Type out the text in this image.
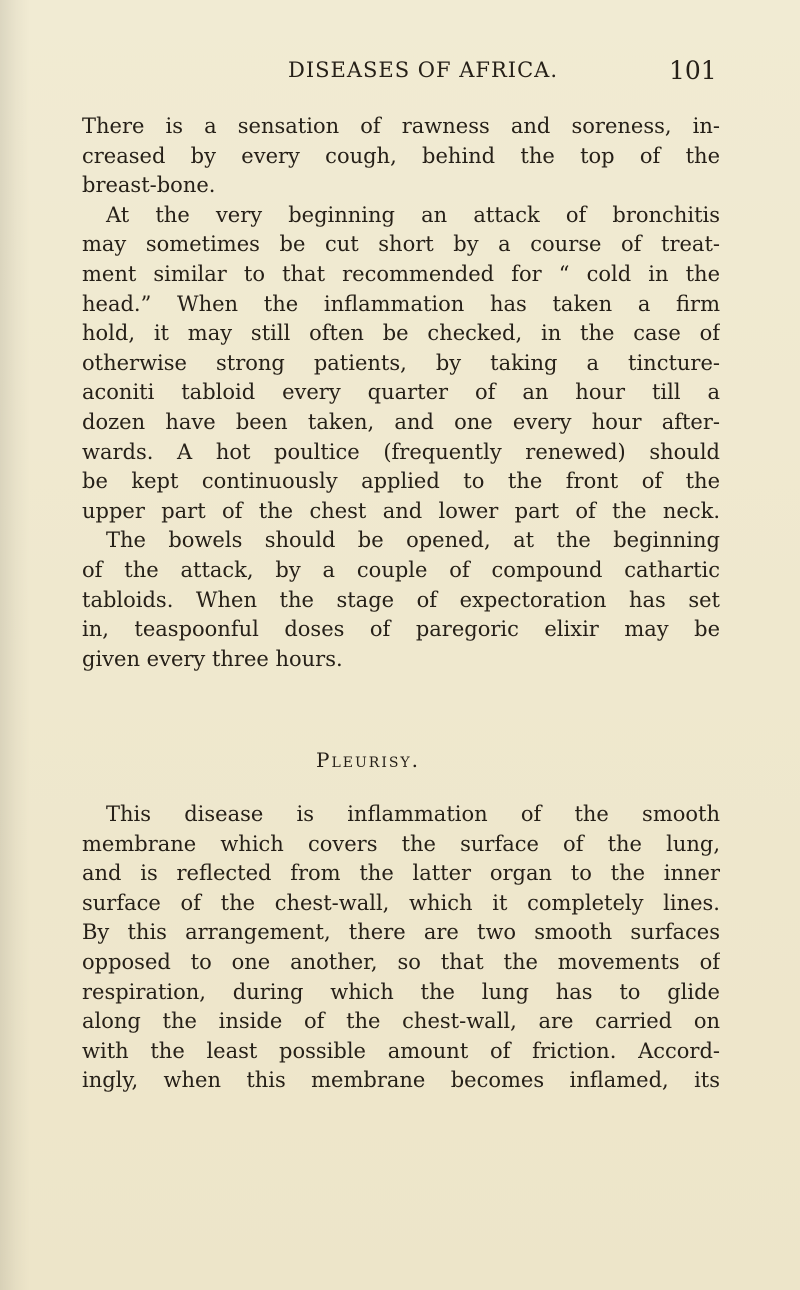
DISEASES OF AFRICA.	101
There is a sensation of rawness and soreness, in-
creased by every cough, behind the top of the
breast-bone.
At the very beginning an attack of bronchitis
may sometimes be cut short by a course of treat-
ment similar to that recommended for “ cold in the
head.” When the inflammation has taken a firm
hold, it may still often be checked, in the case of
otherwise strong patients, by taking a tincture-
aconiti tabloid every quarter of an hour till a
dozen have been taken, and one every hour after-
wards. A hot poultice (frequently renewed) should
be kept continuously applied to the front of the
upper part of the chest and lower part of the neck.
The bowels should be opened, at the beginning
of the attack, by a couple of compound cathartic
tabloids. When the stage of expectoration has set
in, teaspoonful doses of paregoric elixir may be
given every three hours.
Pleurisy.
This disease is inflammation of the smooth
membrane which covers the surface of the lung,
and is reflected from the latter organ to the inner
surface of the chest-wall, which it completely lines.
By this arrangement, there are two smooth surfaces
opposed to one another, so that the movements of
respiration, during which the lung has to glide
along the inside of the chest-wall, are carried on
with the least possible amount of friction. Accord-
ingly, when this membrane becomes inflamed, its
